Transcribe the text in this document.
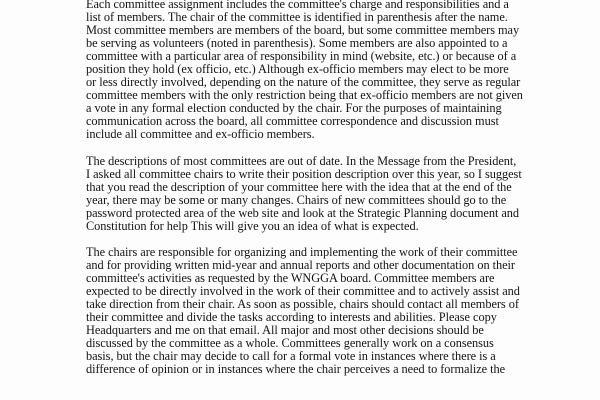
Each committee assignment includes the committee's charge and responsibilities and a
list of members. The chair of the committee is identified in parenthesis after the name.
Most committee members are members of the board, but some committee members may
be serving as volunteers (noted in parenthesis). Some members are also appointed to a
committee with a particular area of responsibility in mind (website, etc.) or because of a
position they hold (ex officio, etc.) Although ex-officio members may elect to be more
or less directly involved, depending on the nature of the committee, they serve as regular
committee members with the only restriction being that ex-officio members are not given
a vote in any formal election conducted by the chair. For the purposes of maintaining
communication across the board, all committee correspondence and discussion must
include all committee and ex-officio members.

The descriptions of most committees are out of date. In the Message from the President,
I asked all committee chairs to write their position description over this year, so I suggest
that you read the description of your committee here with the idea that at the end of the
year, there may be some or many changes. Chairs of new committees should go to the
password protected area of the web site and look at the Strategic Planning document and
Constitution for help This will give you an idea of what is expected.

The chairs are responsible for organizing and implementing the work of their committee
and for providing written mid-year and annual reports and other documentation on their
committee's activities as requested by the WNGGA board. Committee members are
expected to be directly involved in the work of their committee and to actively assist and
take direction from their chair. As soon as possible, chairs should contact all members of
their committee and divide the tasks according to interests and abilities. Please copy
Headquarters and me on that email. All major and most other decisions should be
discussed by the committee as a whole. Committees generally work on a consensus
basis, but the chair may decide to call for a formal vote in instances where there is a
difference of opinion or in instances where the chair perceives a need to formalize the
